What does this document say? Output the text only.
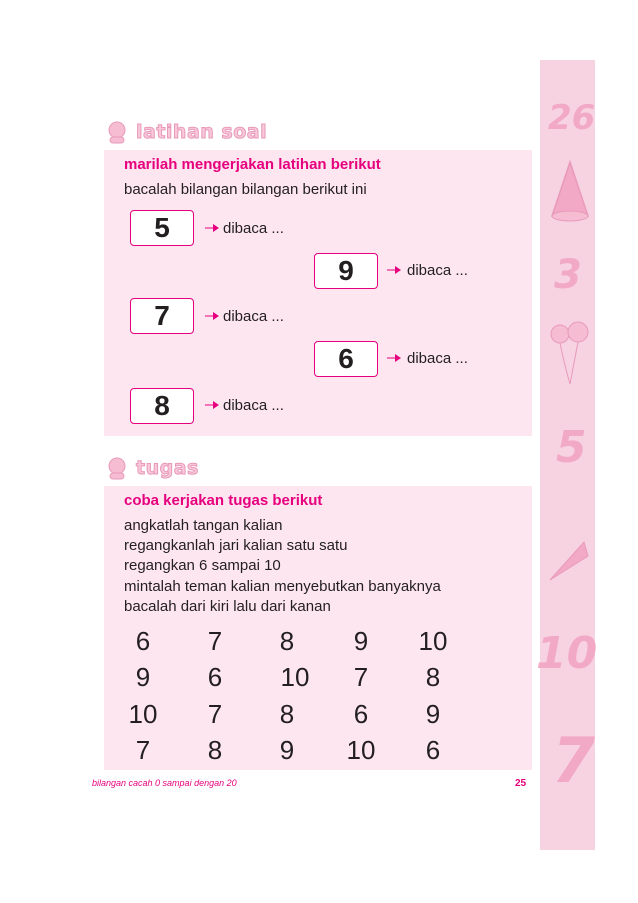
26
3
5
10
7
latihan soal
marilah mengerjakan latihan berikut
bacalah bilangan bilangan berikut ini
5	dibaca ...
9	dibaca ...
7	dibaca ...
6	dibaca ...
8	dibaca ...
tugas
coba kerjakan tugas berikut
angkatlah tangan kalian
regangkanlah jari kalian satu satu
regangkan 6 sampai 10
mintalah teman kalian menyebutkan banyaknya
bacalah dari kiri lalu dari kanan
6	7	8	9	10
9	6	10	7	8
10	7	8	6	9
7	8	9	10	6
bilangan cacah 0 sampai dengan 20	25
